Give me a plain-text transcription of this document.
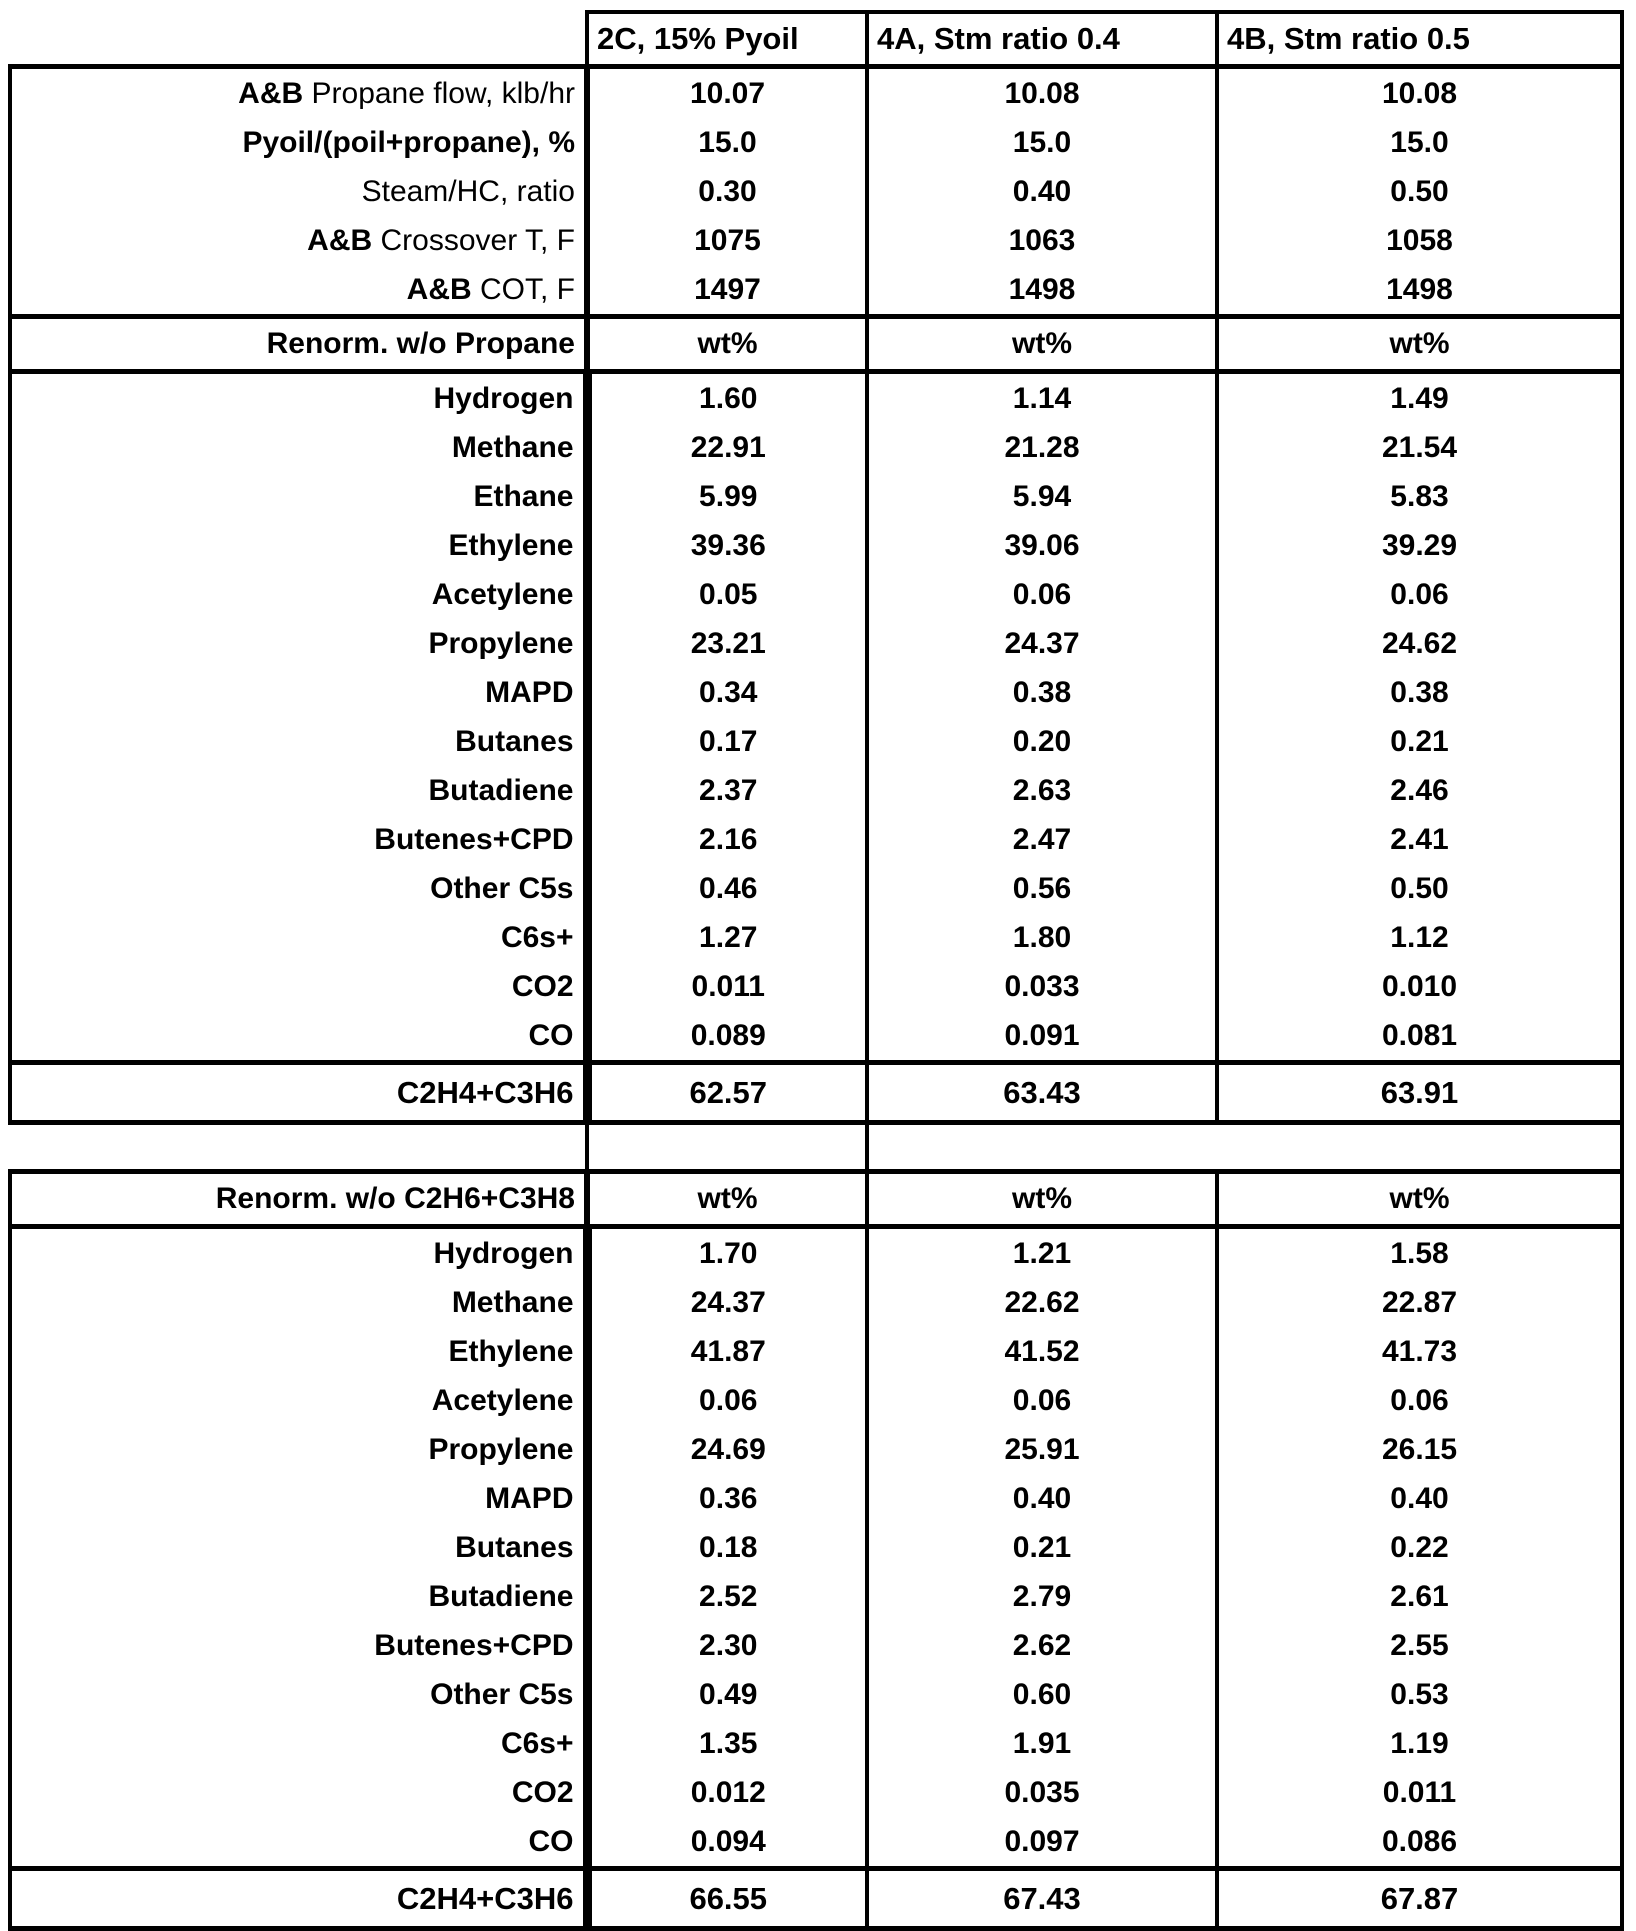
	2C, 15% Pyoil	4A, Stm ratio 0.4	4B, Stm ratio 0.5
A&B Propane flow, klb/hr	10.07	10.08	10.08
Pyoil/(poil+propane), %	15.0	15.0	15.0
Steam/HC, ratio	0.30	0.40	0.50
A&B Crossover T, F	1075	1063	1058
A&B COT, F	1497	1498	1498
Renorm. w/o Propane	wt%	wt%	wt%
Hydrogen	1.60	1.14	1.49
Methane	22.91	21.28	21.54
Ethane	5.99	5.94	5.83
Ethylene	39.36	39.06	39.29
Acetylene	0.05	0.06	0.06
Propylene	23.21	24.37	24.62
MAPD	0.34	0.38	0.38
Butanes	0.17	0.20	0.21
Butadiene	2.37	2.63	2.46
Butenes+CPD	2.16	2.47	2.41
Other C5s	0.46	0.56	0.50
C6s+	1.27	1.80	1.12
CO2	0.011	0.033	0.010
CO	0.089	0.091	0.081
C2H4+C3H6	62.57	63.43	63.91

Renorm. w/o C2H6+C3H8	wt%	wt%	wt%
Hydrogen	1.70	1.21	1.58
Methane	24.37	22.62	22.87
Ethylene	41.87	41.52	41.73
Acetylene	0.06	0.06	0.06
Propylene	24.69	25.91	26.15
MAPD	0.36	0.40	0.40
Butanes	0.18	0.21	0.22
Butadiene	2.52	2.79	2.61
Butenes+CPD	2.30	2.62	2.55
Other C5s	0.49	0.60	0.53
C6s+	1.35	1.91	1.19
CO2	0.012	0.035	0.011
CO	0.094	0.097	0.086
C2H4+C3H6	66.55	67.43	67.87
